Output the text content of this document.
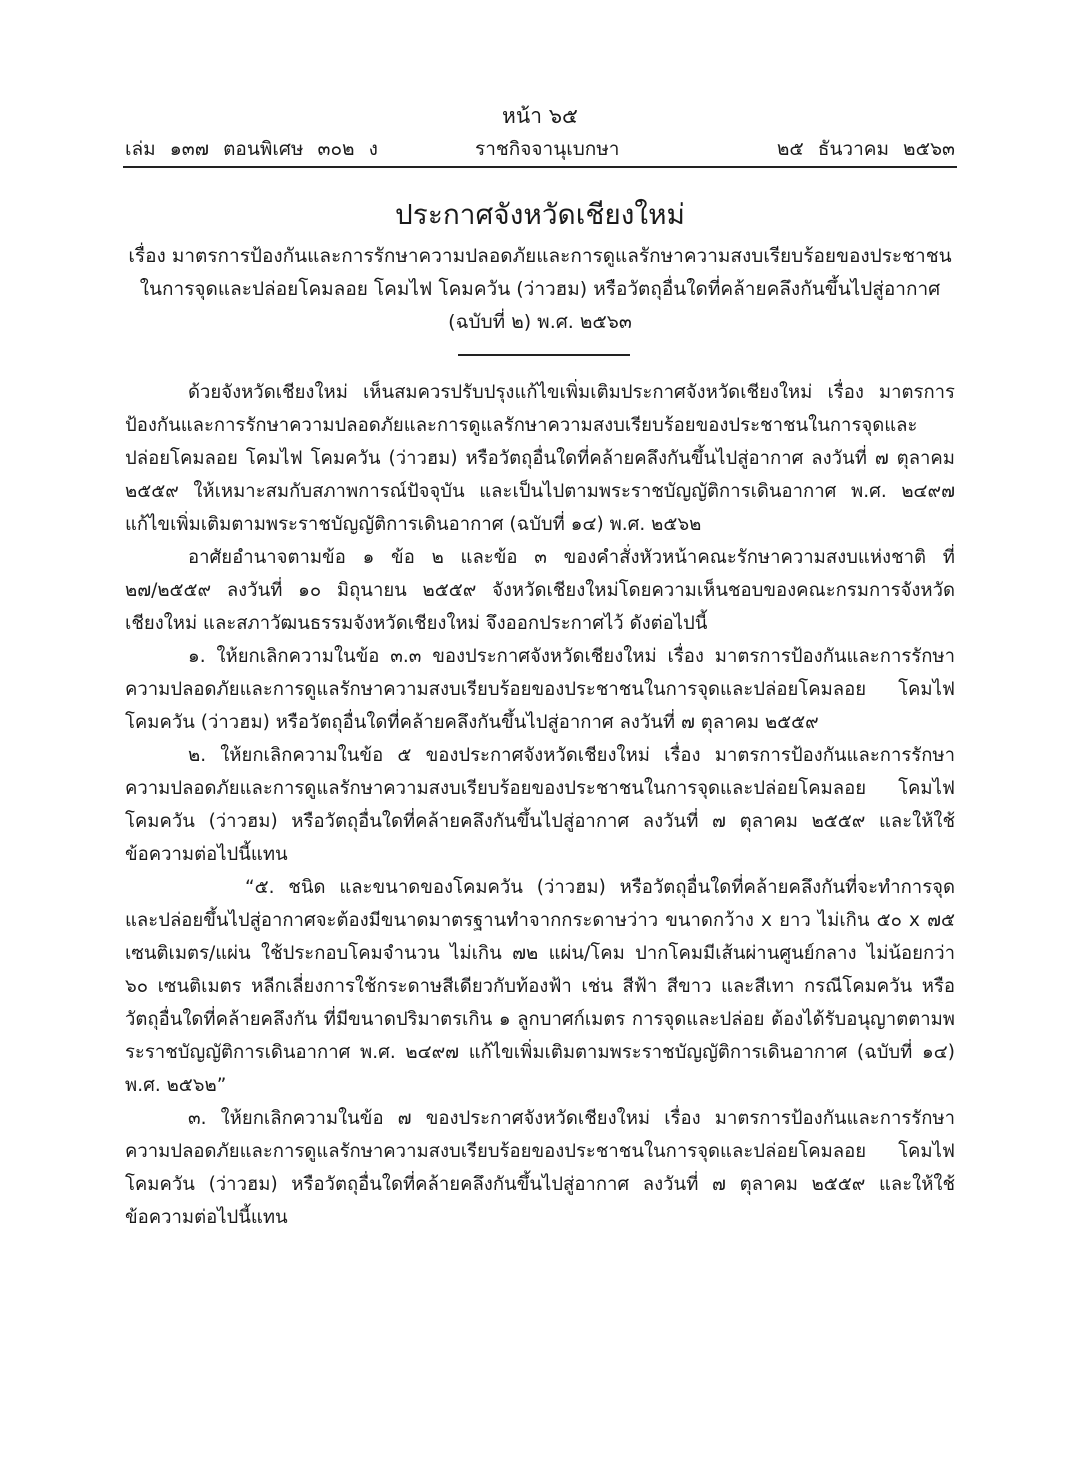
หน้า ๖๕
เล่ม ๑๓๗ ตอนพิเศษ ๓๐๒ ง	ราชกิจจานุเบกษา	๒๕ ธันวาคม ๒๕๖๓
ประกาศจังหวัดเชียงใหม่
เรื่อง มาตรการป้องกันและการรักษาความปลอดภัยและการดูแลรักษาความสงบเรียบร้อยของประชาชน ในการจุดและปล่อยโคมลอย โคมไฟ โคมควัน (ว่าวฮม) หรือวัตถุอื่นใดที่คล้ายคลึงกันขึ้นไปสู่อากาศ (ฉบับที่ ๒) พ.ศ. ๒๕๖๓

ด้วยจังหวัดเชียงใหม่ เห็นสมควรปรับปรุงแก้ไขเพิ่มเติมประกาศจังหวัดเชียงใหม่ เรื่อง มาตรการป้องกันและการรักษาความปลอดภัยและการดูแลรักษาความสงบเรียบร้อยของประชาชนในการจุดและปล่อยโคมลอย โคมไฟ โคมควัน (ว่าวฮม) หรือวัตถุอื่นใดที่คล้ายคลึงกันขึ้นไปสู่อากาศ ลงวันที่ ๗ ตุลาคม ๒๕๕๙ ให้เหมาะสมกับสภาพการณ์ปัจจุบัน และเป็นไปตามพระราชบัญญัติการเดินอากาศ พ.ศ. ๒๔๙๗ แก้ไขเพิ่มเติมตามพระราชบัญญัติการเดินอากาศ (ฉบับที่ ๑๔) พ.ศ. ๒๕๖๒

อาศัยอำนาจตามข้อ ๑ ข้อ ๒ และข้อ ๓ ของคำสั่งหัวหน้าคณะรักษาความสงบแห่งชาติ ที่ ๒๗/๒๕๕๙ ลงวันที่ ๑๐ มิถุนายน ๒๕๕๙ จังหวัดเชียงใหม่โดยความเห็นชอบของคณะกรมการจังหวัดเชียงใหม่ และสภาวัฒนธรรมจังหวัดเชียงใหม่ จึงออกประกาศไว้ ดังต่อไปนี้

๑. ให้ยกเลิกความในข้อ ๓.๓ ของประกาศจังหวัดเชียงใหม่ เรื่อง มาตรการป้องกันและการรักษาความปลอดภัยและการดูแลรักษาความสงบเรียบร้อยของประชาชนในการจุดและปล่อยโคมลอย โคมไฟ โคมควัน (ว่าวฮม) หรือวัตถุอื่นใดที่คล้ายคลึงกันขึ้นไปสู่อากาศ ลงวันที่ ๗ ตุลาคม ๒๕๕๙

๒. ให้ยกเลิกความในข้อ ๕ ของประกาศจังหวัดเชียงใหม่ เรื่อง มาตรการป้องกันและการรักษาความปลอดภัยและการดูแลรักษาความสงบเรียบร้อยของประชาชนในการจุดและปล่อยโคมลอย โคมไฟ โคมควัน (ว่าวฮม) หรือวัตถุอื่นใดที่คล้ายคลึงกันขึ้นไปสู่อากาศ ลงวันที่ ๗ ตุลาคม ๒๕๕๙ และให้ใช้ข้อความต่อไปนี้แทน

“๕. ชนิด และขนาดของโคมควัน (ว่าวฮม) หรือวัตถุอื่นใดที่คล้ายคลึงกันที่จะทำการจุดและปล่อยขึ้นไปสู่อากาศจะต้องมีขนาดมาตรฐานทำจากกระดาษว่าว ขนาดกว้าง x ยาว ไม่เกิน ๕๐ x ๗๕ เซนติเมตร/แผ่น ใช้ประกอบโคมจำนวน ไม่เกิน ๗๒ แผ่น/โคม ปากโคมมีเส้นผ่านศูนย์กลาง ไม่น้อยกว่า ๖๐ เซนติเมตร หลีกเลี่ยงการใช้กระดาษสีเดียวกับท้องฟ้า เช่น สีฟ้า สีขาว และสีเทา กรณีโคมควัน หรือวัตถุอื่นใดที่คล้ายคลึงกัน ที่มีขนาดปริมาตรเกิน ๑ ลูกบาศก์เมตร การจุดและปล่อย ต้องได้รับอนุญาตตามพระราชบัญญัติการเดินอากาศ พ.ศ. ๒๔๙๗ แก้ไขเพิ่มเติมตามพระราชบัญญัติการเดินอากาศ (ฉบับที่ ๑๔) พ.ศ. ๒๕๖๒”

๓. ให้ยกเลิกความในข้อ ๗ ของประกาศจังหวัดเชียงใหม่ เรื่อง มาตรการป้องกันและการรักษาความปลอดภัยและการดูแลรักษาความสงบเรียบร้อยของประชาชนในการจุดและปล่อยโคมลอย โคมไฟ โคมควัน (ว่าวฮม) หรือวัตถุอื่นใดที่คล้ายคลึงกันขึ้นไปสู่อากาศ ลงวันที่ ๗ ตุลาคม ๒๕๕๙ และให้ใช้ข้อความต่อไปนี้แทน
